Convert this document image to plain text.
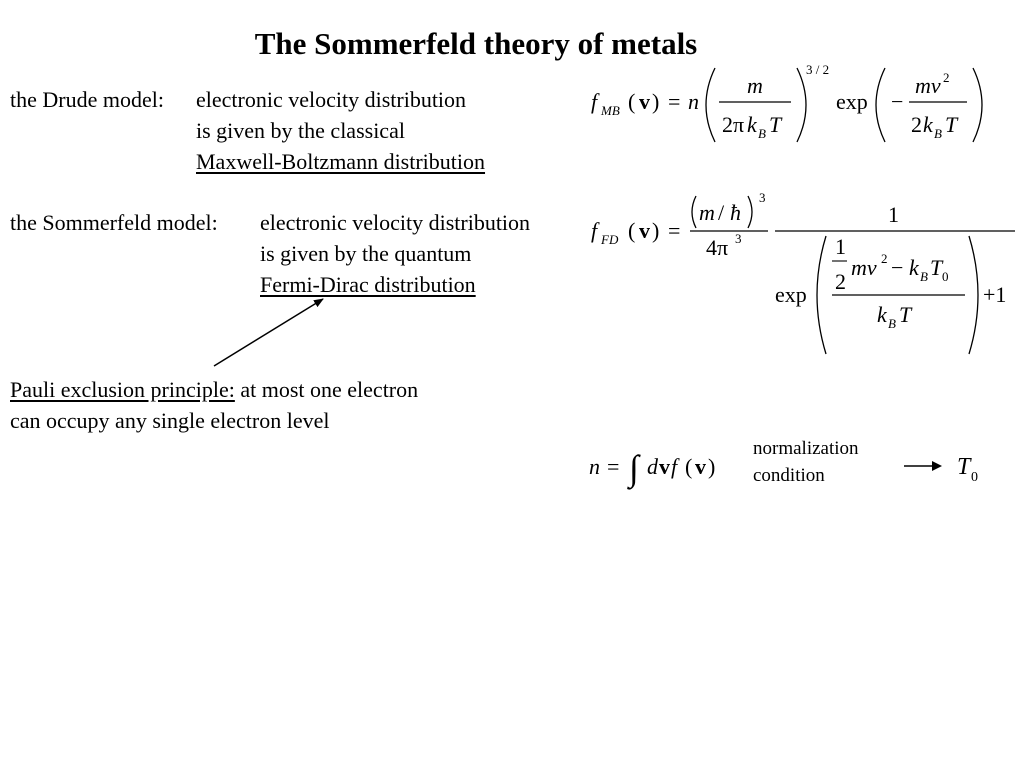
The Sommerfeld theory of metals
the Drude model: electronic velocity distribution
is given by the classical
Maxwell-Boltzmann distribution
the Sommerfeld model: electronic velocity distribution
is given by the quantum
Fermi-Dirac distribution
Pauli exclusion principle: at most one electron
can occupy any single electron level
f MB ( v ) = n
m
2π k B T
3 / 2
exp −
mv 2
2 k B T
f FD ( v ) =
m / ħ
3
4π 3
1
exp
1
2
mv 2 − k B T 0
k B T
+1
n = ∫ d v f ( v )
normalization
condition	T 0
